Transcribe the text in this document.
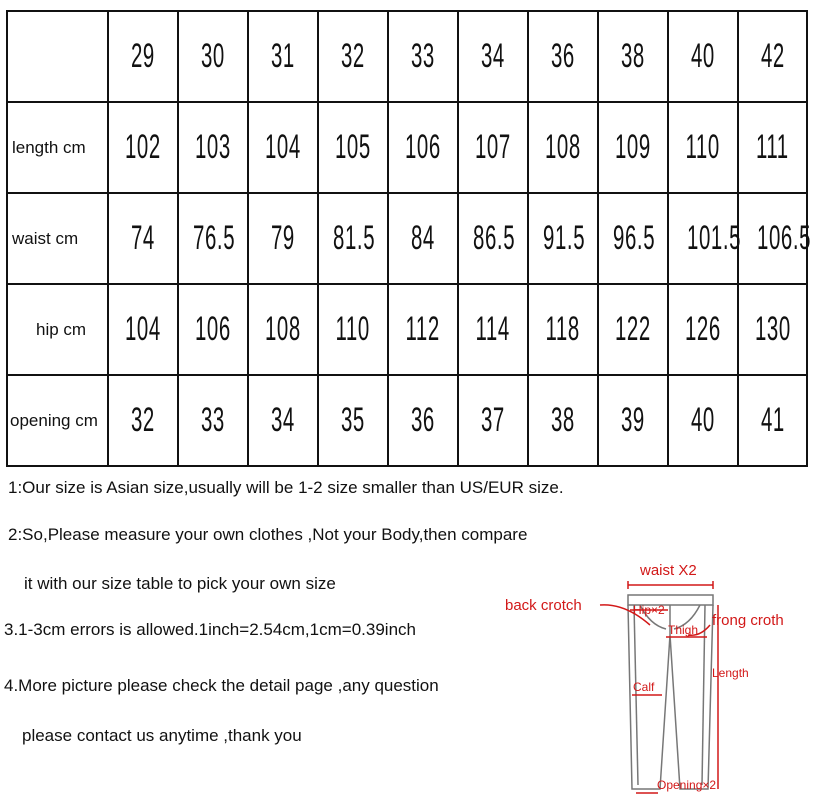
	29	30	31	32	33	34	36	38	40	42
length cm	102	103	104	105	106	107	108	109	110	111
waist cm	74	76.5	79	81.5	84	86.5	91.5	96.5	101.5	106.5
hip cm	104	106	108	110	112	114	118	122	126	130
opening cm	32	33	34	35	36	37	38	39	40	41
1:Our size is Asian size,usually will be 1-2 size smaller than US/EUR size.
2:So,Please measure your own clothes ,Not your Body,then compare
it with our size table to pick your own size
3.1-3cm errors is allowed.1inch=2.54cm,1cm=0.39inch
4.More picture please check the detail page ,any question
please contact us anytime ,thank you
waist X2
back crotch	Hip×2
frong croth
Thigh
Length
Calf
Opening×2
